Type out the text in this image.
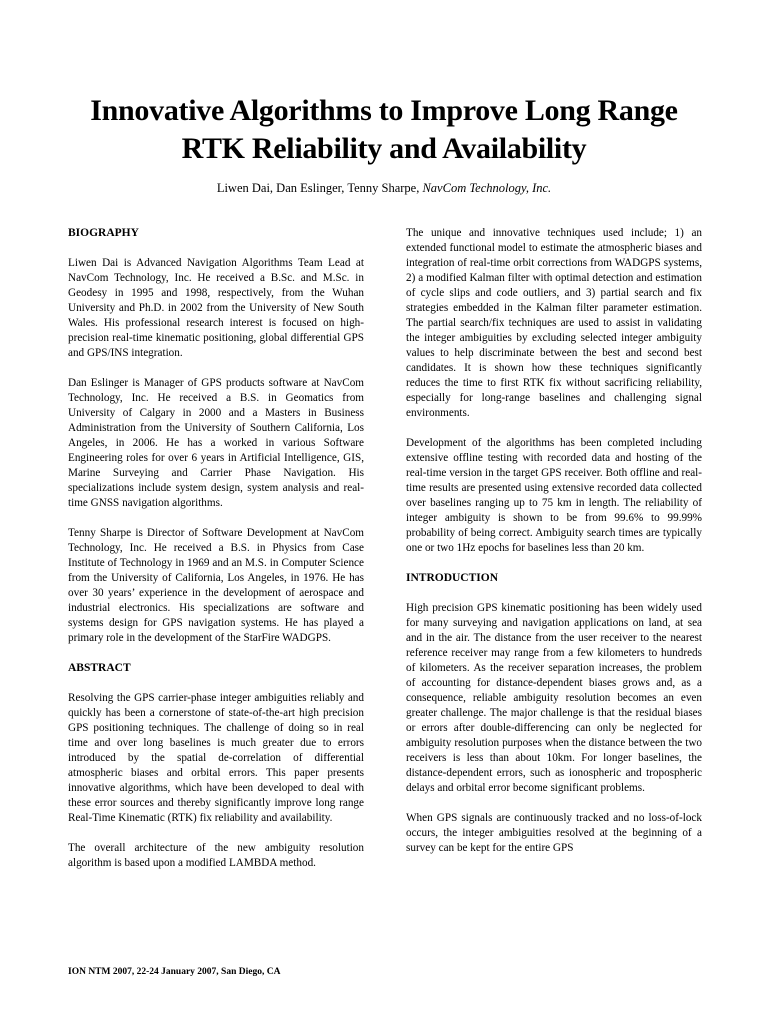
Innovative Algorithms to Improve Long Range
RTK Reliability and Availability
Liwen Dai, Dan Eslinger, Tenny Sharpe, NavCom Technology, Inc.
BIOGRAPHY

Liwen Dai is Advanced Navigation Algorithms Team Lead at NavCom Technology, Inc. He received a B.Sc. and M.Sc. in Geodesy in 1995 and 1998, respectively, from the Wuhan University and Ph.D. in 2002 from the University of New South Wales. His professional research interest is focused on high-precision real-time kinematic positioning, global differential GPS and GPS/INS integration.

Dan Eslinger is Manager of GPS products software at NavCom Technology, Inc. He received a B.S. in Geomatics from University of Calgary in 2000 and a Masters in Business Administration from the University of Southern California, Los Angeles, in 2006. He has a worked in various Software Engineering roles for over 6 years in Artificial Intelligence, GIS, Marine Surveying and Carrier Phase Navigation. His specializations include system design, system analysis and real-time GNSS navigation algorithms.

Tenny Sharpe is Director of Software Development at NavCom Technology, Inc. He received a B.S. in Physics from Case Institute of Technology in 1969 and an M.S. in Computer Science from the University of California, Los Angeles, in 1976. He has over 30 years’ experience in the development of aerospace and industrial electronics. His specializations are software and systems design for GPS navigation systems. He has played a primary role in the development of the StarFire WADGPS.

ABSTRACT

Resolving the GPS carrier-phase integer ambiguities reliably and quickly has been a cornerstone of state-of-the-art high precision GPS positioning techniques. The challenge of doing so in real time and over long baselines is much greater due to errors introduced by the spatial de-correlation of differential atmospheric biases and orbital errors. This paper presents innovative algorithms, which have been developed to deal with these error sources and thereby significantly improve long range Real-Time Kinematic (RTK) fix reliability and availability.

The overall architecture of the new ambiguity resolution algorithm is based upon a modified LAMBDA method.

The unique and innovative techniques used include; 1) an extended functional model to estimate the atmospheric biases and integration of real-time orbit corrections from WADGPS systems, 2) a modified Kalman filter with optimal detection and estimation of cycle slips and code outliers, and 3) partial search and fix strategies embedded in the Kalman filter parameter estimation. The partial search/fix techniques are used to assist in validating the integer ambiguities by excluding selected integer ambiguity values to help discriminate between the best and second best candidates. It is shown how these techniques significantly reduces the time to first RTK fix without sacrificing reliability, especially for long-range baselines and challenging signal environments.

Development of the algorithms has been completed including extensive offline testing with recorded data and hosting of the real-time version in the target GPS receiver. Both offline and real-time results are presented using extensive recorded data collected over baselines ranging up to 75 km in length. The reliability of integer ambiguity is shown to be from 99.6% to 99.99% probability of being correct. Ambiguity search times are typically one or two 1Hz epochs for baselines less than 20 km.

INTRODUCTION

High precision GPS kinematic positioning has been widely used for many surveying and navigation applications on land, at sea and in the air. The distance from the user receiver to the nearest reference receiver may range from a few kilometers to hundreds of kilometers. As the receiver separation increases, the problem of accounting for distance-dependent biases grows and, as a consequence, reliable ambiguity resolution becomes an even greater challenge. The major challenge is that the residual biases or errors after double-differencing can only be neglected for ambiguity resolution purposes when the distance between the two receivers is less than about 10km. For longer baselines, the distance-dependent errors, such as ionospheric and tropospheric delays and orbital error become significant problems.

When GPS signals are continuously tracked and no loss-of-lock occurs, the integer ambiguities resolved at the beginning of a survey can be kept for the entire GPS

ION NTM 2007, 22-24 January 2007, San Diego, CA
